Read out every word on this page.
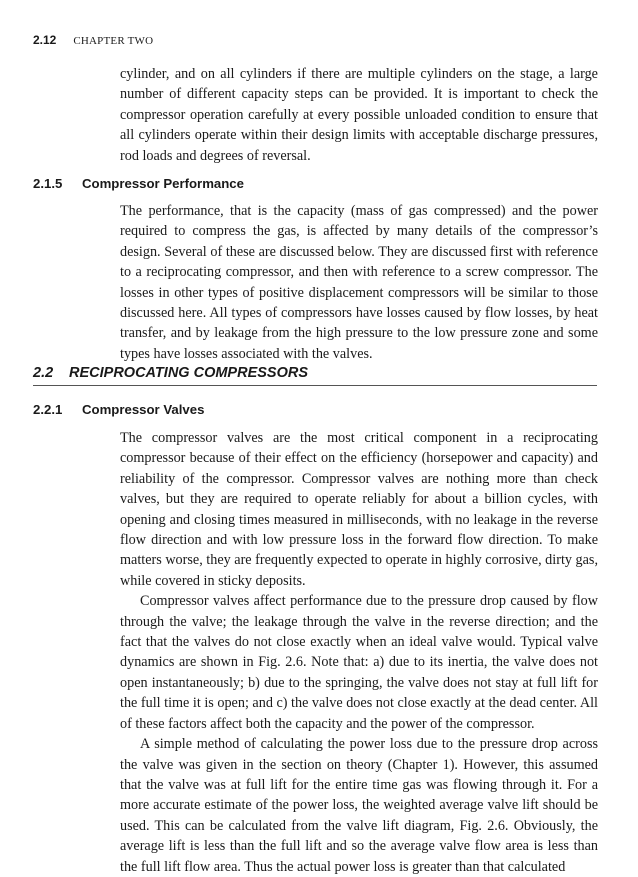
2.12 CHAPTER TWO

cylinder, and on all cylinders if there are multiple cylinders on the stage, a large number of different capacity steps can be provided. It is important to check the compressor operation carefully at every possible unloaded condition to ensure that all cylinders operate within their design limits with acceptable discharge pressures, rod loads and degrees of reversal.

2.1.5 Compressor Performance

The performance, that is the capacity (mass of gas compressed) and the power required to compress the gas, is affected by many details of the compressor’s design. Several of these are discussed below. They are discussed first with reference to a reciprocating compressor, and then with reference to a screw compressor. The losses in other types of positive displacement compressors will be similar to those discussed here. All types of compressors have losses caused by flow losses, by heat transfer, and by leakage from the high pressure to the low pressure zone and some types have losses associated with the valves.

2.2 RECIPROCATING COMPRESSORS
2.2.1 Compressor Valves

The compressor valves are the most critical component in a reciprocating compressor because of their effect on the efficiency (horsepower and capacity) and reliability of the compressor. Compressor valves are nothing more than check valves, but they are required to operate reliably for about a billion cycles, with opening and closing times measured in milliseconds, with no leakage in the reverse flow direction and with low pressure loss in the forward flow direction. To make matters worse, they are frequently expected to operate in highly corrosive, dirty gas, while covered in sticky deposits.

Compressor valves affect performance due to the pressure drop caused by flow through the valve; the leakage through the valve in the reverse direction; and the fact that the valves do not close exactly when an ideal valve would. Typical valve dynamics are shown in Fig. 2.6. Note that: a) due to its inertia, the valve does not open instantaneously; b) due to the springing, the valve does not stay at full lift for the full time it is open; and c) the valve does not close exactly at the dead center. All of these factors affect both the capacity and the power of the compressor.

A simple method of calculating the power loss due to the pressure drop across the valve was given in the section on theory (Chapter 1). However, this assumed that the valve was at full lift for the entire time gas was flowing through it. For a more accurate estimate of the power loss, the weighted average valve lift should be used. This can be calculated from the valve lift diagram, Fig. 2.6. Obviously, the average lift is less than the full lift and so the average valve flow area is less than the full lift flow area. Thus the actual power loss is greater than that calculated
